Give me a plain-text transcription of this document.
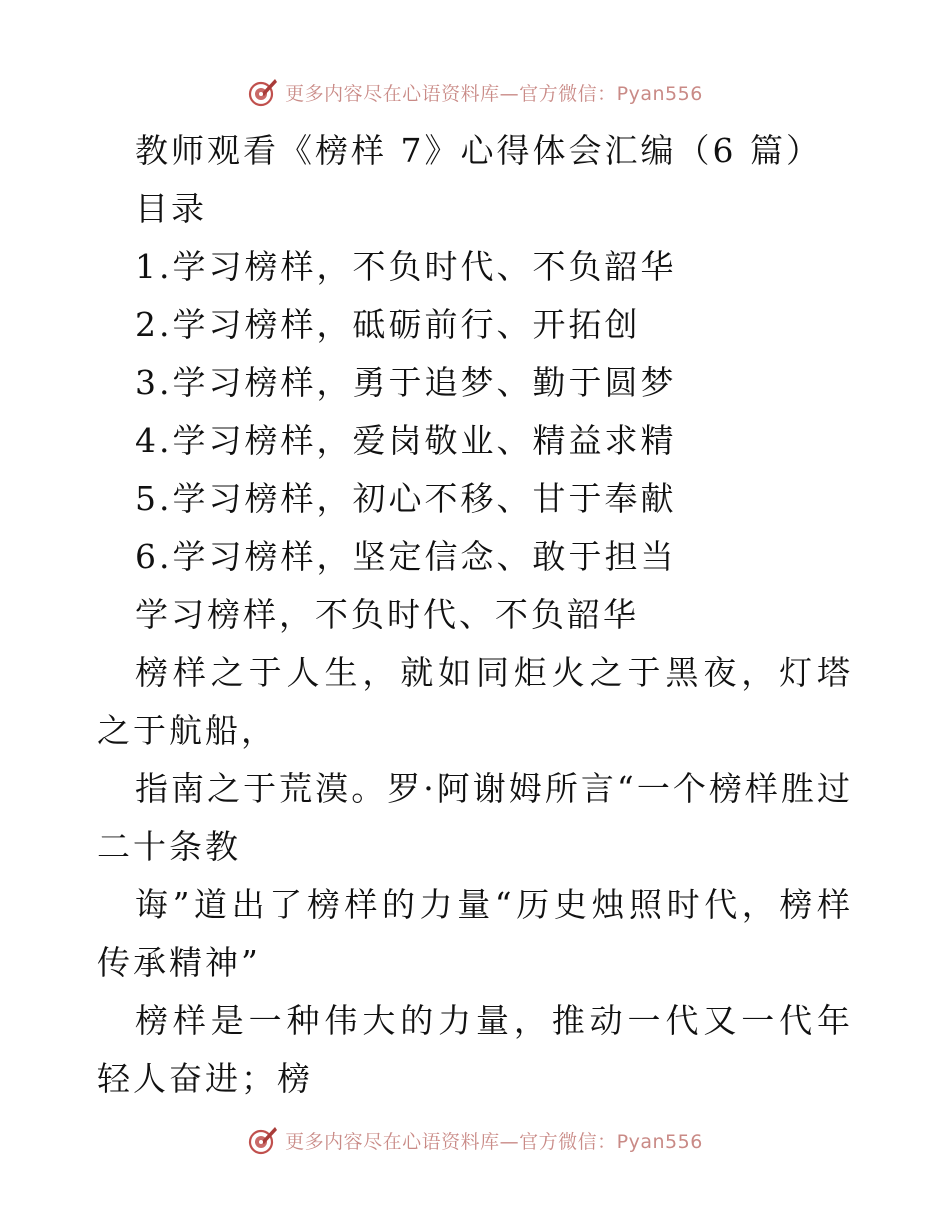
更多内容尽在心语资料库—官方微信：Pyan556
教师观看《榜样 7》心得体会汇编（6 篇）
目录
1.学习榜样，不负时代、不负韶华
2.学习榜样，砥砺前行、开拓创
3.学习榜样，勇于追梦、勤于圆梦
4.学习榜样，爱岗敬业、精益求精
5.学习榜样，初心不移、甘于奉献
6.学习榜样，坚定信念、敢于担当
学习榜样，不负时代、不负韶华

榜样之于人生，就如同炬火之于黑夜，灯塔之于航船，

指南之于荒漠。罗·阿谢姆所言“一个榜样胜过二十条教

诲”道出了榜样的力量“历史烛照时代，榜样传承精神”

榜样是一种伟大的力量，推动一代又一代年轻人奋进；榜

更多内容尽在心语资料库—官方微信：Pyan556
